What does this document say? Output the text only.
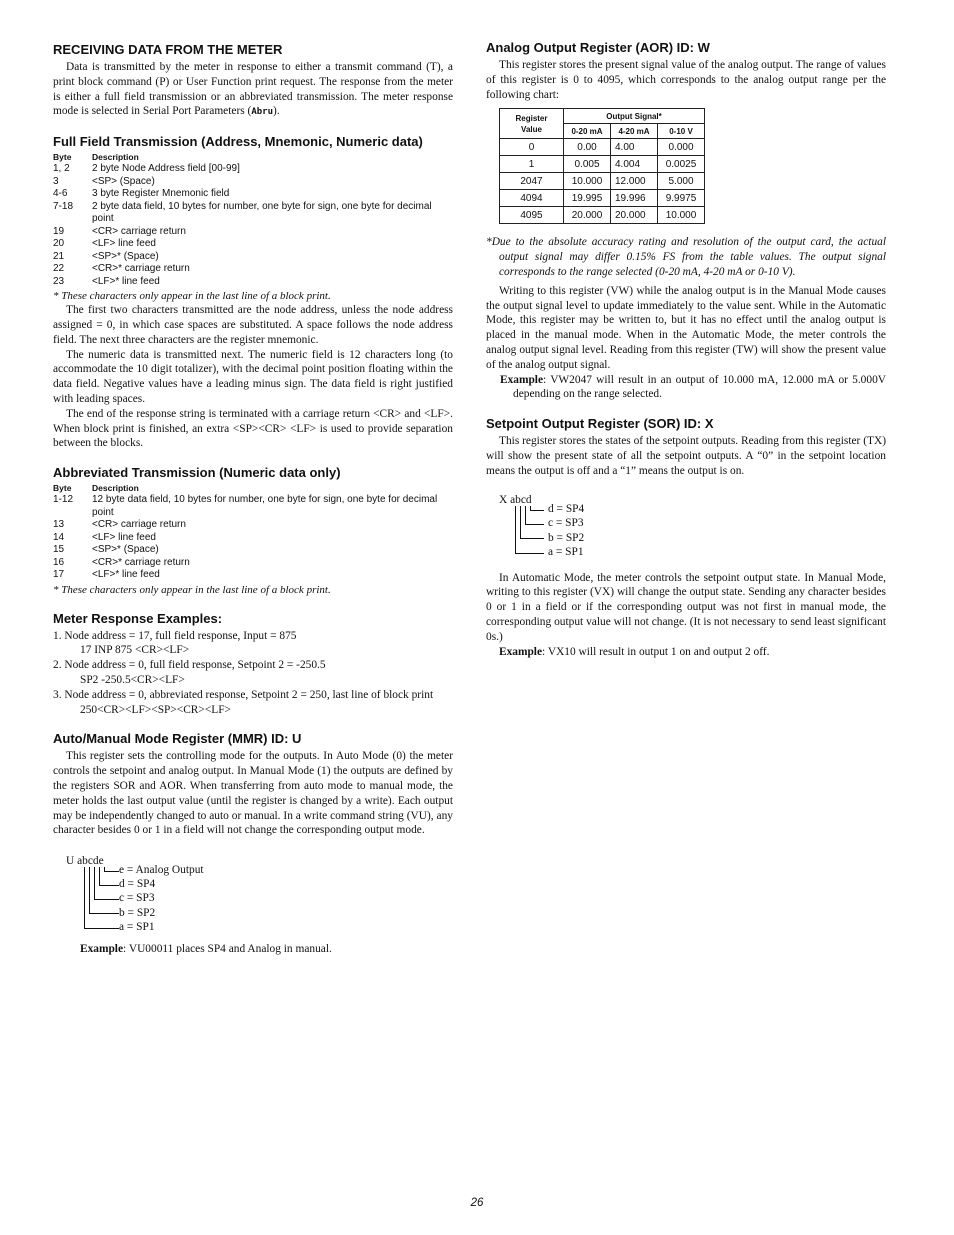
RECEIVING DATA FROM THE METER

Data is transmitted by the meter in response to either a transmit command (T), a print block command (P) or User Function print request. The response from the meter is either a full field transmission or an abbreviated transmission. The meter response mode is selected in Serial Port Parameters (Abru).

Full Field Transmission (Address, Mnemonic, Numeric data)
Byte	Description
1, 2	2 byte Node Address field [00-99]
3	<SP> (Space)
4-6	3 byte Register Mnemonic field
7-18	2 byte data field, 10 bytes for number, one byte for sign, one byte for decimal point
19	<CR> carriage return
20	<LF> line feed
21	<SP>* (Space)
22	<CR>* carriage return
23	<LF>* line feed
* These characters only appear in the last line of a block print.

The first two characters transmitted are the node address, unless the node address assigned = 0, in which case spaces are substituted. A space follows the node address field. The next three characters are the register mnemonic.

The numeric data is transmitted next. The numeric field is 12 characters long (to accommodate the 10 digit totalizer), with the decimal point position floating within the data field. Negative values have a leading minus sign. The data field is right justified with leading spaces.

The end of the response string is terminated with a carriage return <CR> and <LF>. When block print is finished, an extra <SP><CR> <LF> is used to provide separation between the blocks.

Abbreviated Transmission (Numeric data only)
Byte	Description
1-12	12 byte data field, 10 bytes for number, one byte for sign, one byte for decimal point
13	<CR> carriage return
14	<LF> line feed
15	<SP>* (Space)
16	<CR>* carriage return
17	<LF>* line feed
* These characters only appear in the last line of a block print.
Meter Response Examples:
1. Node address = 17, full field response, Input = 875
17 INP 875 <CR><LF>
2. Node address = 0, full field response, Setpoint 2 = -250.5
SP2 -250.5<CR><LF>
3. Node address = 0, abbreviated response, Setpoint 2 = 250, last line of block print
250<CR><LF><SP><CR><LF>
Auto/Manual Mode Register (MMR) ID: U

This register sets the controlling mode for the outputs. In Auto Mode (0) the meter controls the setpoint and analog output. In Manual Mode (1) the outputs are defined by the registers SOR and AOR. When transferring from auto mode to manual mode, the meter holds the last output value (until the register is changed by a write). Each output may be independently changed to auto or manual. In a write command string (VU), any character besides 0 or 1 in a field will not change the corresponding output mode.

U abcde
e = Analog Output
d = SP4
c = SP3
b = SP2
a = SP1
Example: VU00011 places SP4 and Analog in manual.
Analog Output Register (AOR) ID: W

This register stores the present signal value of the analog output. The range of values of this register is 0 to 4095, which corresponds to the analog output range per the following chart:

Register
Value	Output Signal*		
	0-20 mA	4-20 mA	0-10 V
0	0.00	4.00	0.000
1	0.005	4.004	0.0025
2047	10.000	12.000	5.000
4094	19.995	19.996	9.9975
4095	20.000	20.000	10.000
*Due to the absolute accuracy rating and resolution of the output card, the actual output signal may differ 0.15% FS from the table values. The output signal corresponds to the range selected (0-20 mA, 4-20 mA or 0-10 V).

Writing to this register (VW) while the analog output is in the Manual Mode causes the output signal level to update immediately to the value sent. While in the Automatic Mode, this register may be written to, but it has no effect until the analog output is placed in the manual mode. When in the Automatic Mode, the meter controls the analog output signal level. Reading from this register (TW) will show the present value of the analog output signal.

Example: VW2047 will result in an output of 10.000 mA, 12.000 mA or 5.000V depending on the range selected.
Setpoint Output Register (SOR) ID: X

This register stores the states of the setpoint outputs. Reading from this register (TX) will show the present state of all the setpoint outputs. A “0” in the setpoint location means the output is off and a “1” means the output is on.

X abcd
d = SP4
c = SP3
b = SP2
a = SP1

In Automatic Mode, the meter controls the setpoint output state. In Manual Mode, writing to this register (VX) will change the output state. Sending any character besides 0 or 1 in a field or if the corresponding output was not first in manual mode, the corresponding output value will not change. (It is not necessary to send least significant 0s.)

Example: VX10 will result in output 1 on and output 2 off.
26
